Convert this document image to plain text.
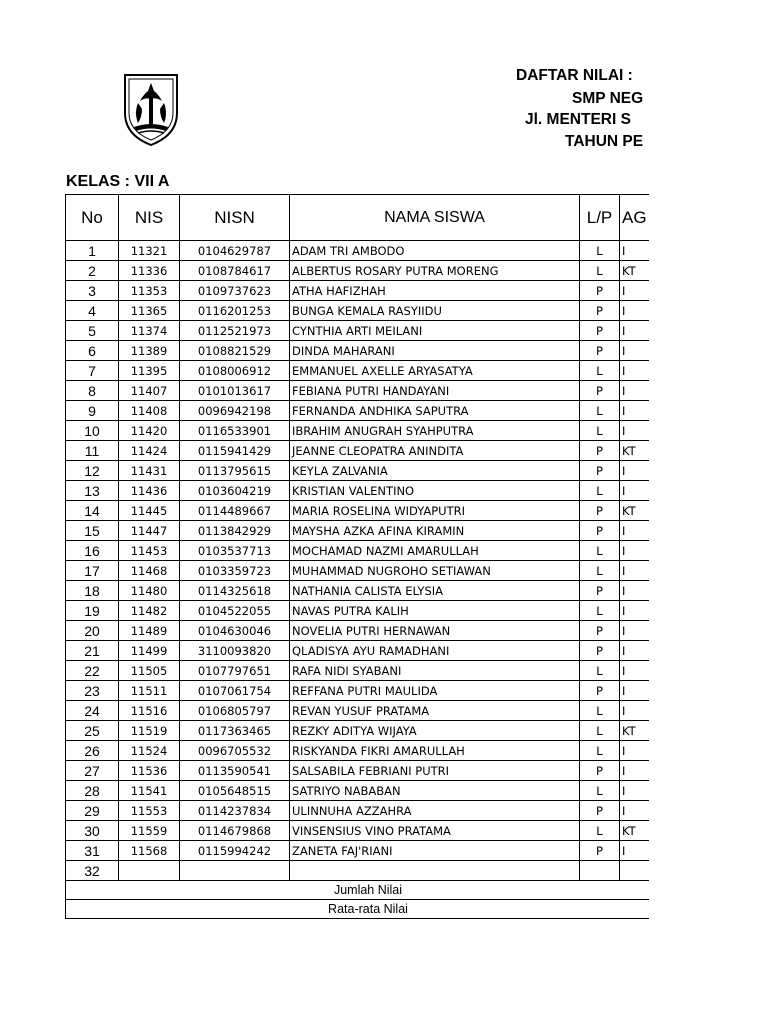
DAFTAR NILAI :
SMP NEG
Jl. MENTERI S
TAHUN PE
KELAS : VII A
No	NIS	NISN	NAMA SISWA	L/P	AG
1	11321	0104629787	ADAM TRI AMBODO	L	I
2	11336	0108784617	ALBERTUS ROSARY PUTRA MORENG	L	KT
3	11353	0109737623	ATHA HAFIZHAH	P	I
4	11365	0116201253	BUNGA KEMALA RASYIIDU	P	I
5	11374	0112521973	CYNTHIA ARTI MEILANI	P	I
6	11389	0108821529	DINDA MAHARANI	P	I
7	11395	0108006912	EMMANUEL AXELLE ARYASATYA	L	I
8	11407	0101013617	FEBIANA PUTRI HANDAYANI	P	I
9	11408	0096942198	FERNANDA ANDHIKA SAPUTRA	L	I
10	11420	0116533901	IBRAHIM ANUGRAH SYAHPUTRA	L	I
11	11424	0115941429	JEANNE CLEOPATRA ANINDITA	P	KT
12	11431	0113795615	KEYLA ZALVANIA	P	I
13	11436	0103604219	KRISTIAN VALENTINO	L	I
14	11445	0114489667	MARIA ROSELINA WIDYAPUTRI	P	KT
15	11447	0113842929	MAYSHA AZKA AFINA KIRAMIN	P	I
16	11453	0103537713	MOCHAMAD NAZMI AMARULLAH	L	I
17	11468	0103359723	MUHAMMAD NUGROHO SETIAWAN	L	I
18	11480	0114325618	NATHANIA CALISTA ELYSIA	P	I
19	11482	0104522055	NAVAS PUTRA KALIH	L	I
20	11489	0104630046	NOVELIA PUTRI HERNAWAN	P	I
21	11499	3110093820	QLADISYA AYU RAMADHANI	P	I
22	11505	0107797651	RAFA NIDI SYABANI	L	I
23	11511	0107061754	REFFANA PUTRI MAULIDA	P	I
24	11516	0106805797	REVAN YUSUF PRATAMA	L	I
25	11519	0117363465	REZKY ADITYA WIJAYA	L	KT
26	11524	0096705532	RISKYANDA FIKRI AMARULLAH	L	I
27	11536	0113590541	SALSABILA FEBRIANI PUTRI	P	I
28	11541	0105648515	SATRIYO NABABAN	L	I
29	11553	0114237834	ULINNUHA AZZAHRA	P	I
30	11559	0114679868	VINSENSIUS VINO PRATAMA	L	KT
31	11568	0115994242	ZANETA FAJ'RIANI	P	I
32					
Jumlah Nilai					
Rata-rata Nilai					
